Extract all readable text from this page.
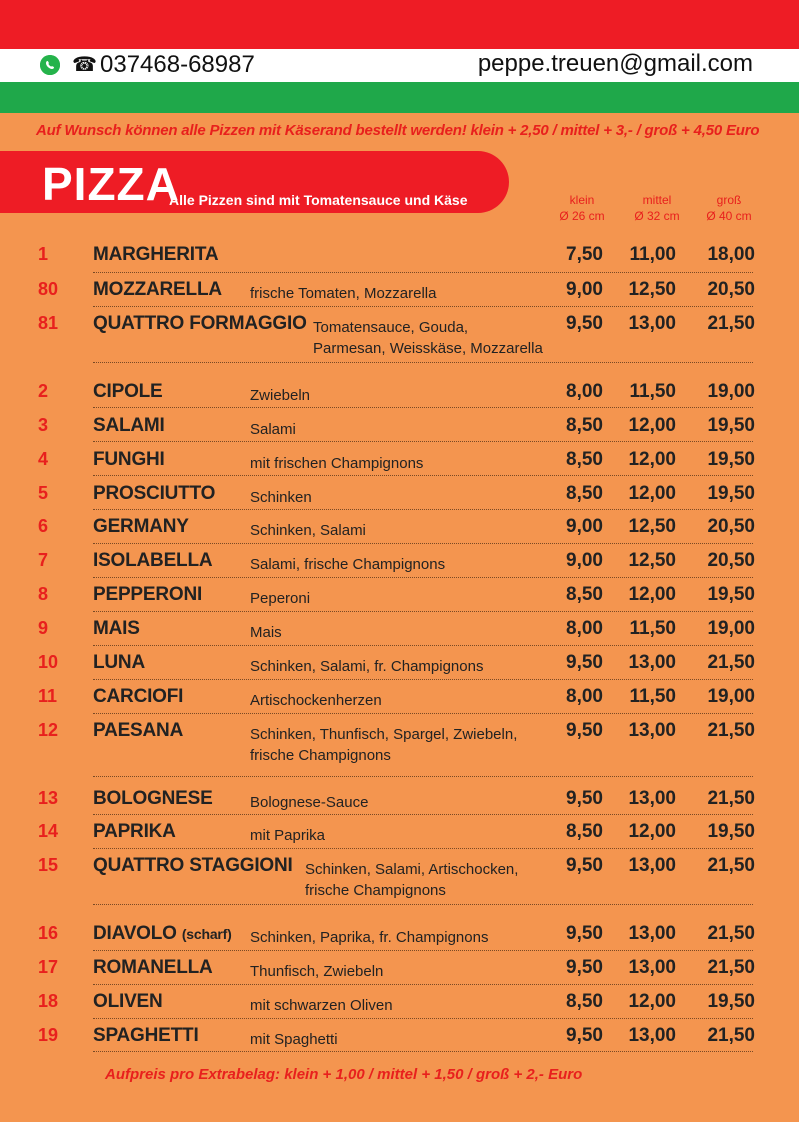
☎ 037468-68987	peppe.treuen@gmail.com
Auf Wunsch können alle Pizzen mit Käserand bestellt werden! klein + 2,50 / mittel + 3,- / groß + 4,50 Euro
PIZZA
Alle Pizzen sind mit Tomatensauce und Käse	klein
Ø 26 cm
mittel
Ø 32 cm
groß
Ø 40 cm
1 MARGHERITA	7,50	11,00	18,00
80 MOZZARELLA frische Tomaten, Mozzarella	9,00	12,50	20,50
81 QUATTRO FORMAGGIO Tomatensauce, Gouda,
Parmesan, Weisskäse, Mozzarella
9,50	13,00	21,50
2 CIPOLE	Zwiebeln	8,00	11,50	19,00
3 SALAMI	Salami	8,50	12,00	19,50
4 FUNGHI	mit frischen Champignons	8,50	12,00	19,50
5 PROSCIUTTO Schinken	8,50	12,00	19,50
6 GERMANY	Schinken, Salami	9,00	12,50	20,50
7 ISOLABELLA	Salami, frische Champignons	9,00	12,50	20,50
8 PEPPERONI	Peperoni	8,50	12,00	19,50
9 MAIS	Mais	8,00	11,50	19,00
10 LUNA	Schinken, Salami, fr. Champignons	9,50	13,00	21,50
11 CARCIOFI	Artischockenherzen	8,00	11,50	19,00
12 PAESANA	Schinken, Thunfisch, Spargel, Zwiebeln,
frische Champignons
9,50	13,00	21,50
13 BOLOGNESE Bolognese-Sauce	9,50	13,00	21,50
14 PAPRIKA	mit Paprika	8,50	12,00	19,50
15 QUATTRO STAGGIONI Schinken, Salami, Artischocken,
frische Champignons
9,50	13,00	21,50
16 DIAVOLO (scharf) Schinken, Paprika, fr. Champignons	9,50	13,00	21,50
17 ROMANELLA Thunfisch, Zwiebeln	9,50	13,00	21,50
18 OLIVEN	mit schwarzen Oliven	8,50	12,00	19,50
19 SPAGHETTI	mit Spaghetti	9,50	13,00	21,50
Aufpreis pro Extrabelag: klein + 1,00 / mittel + 1,50 / groß + 2,- Euro
